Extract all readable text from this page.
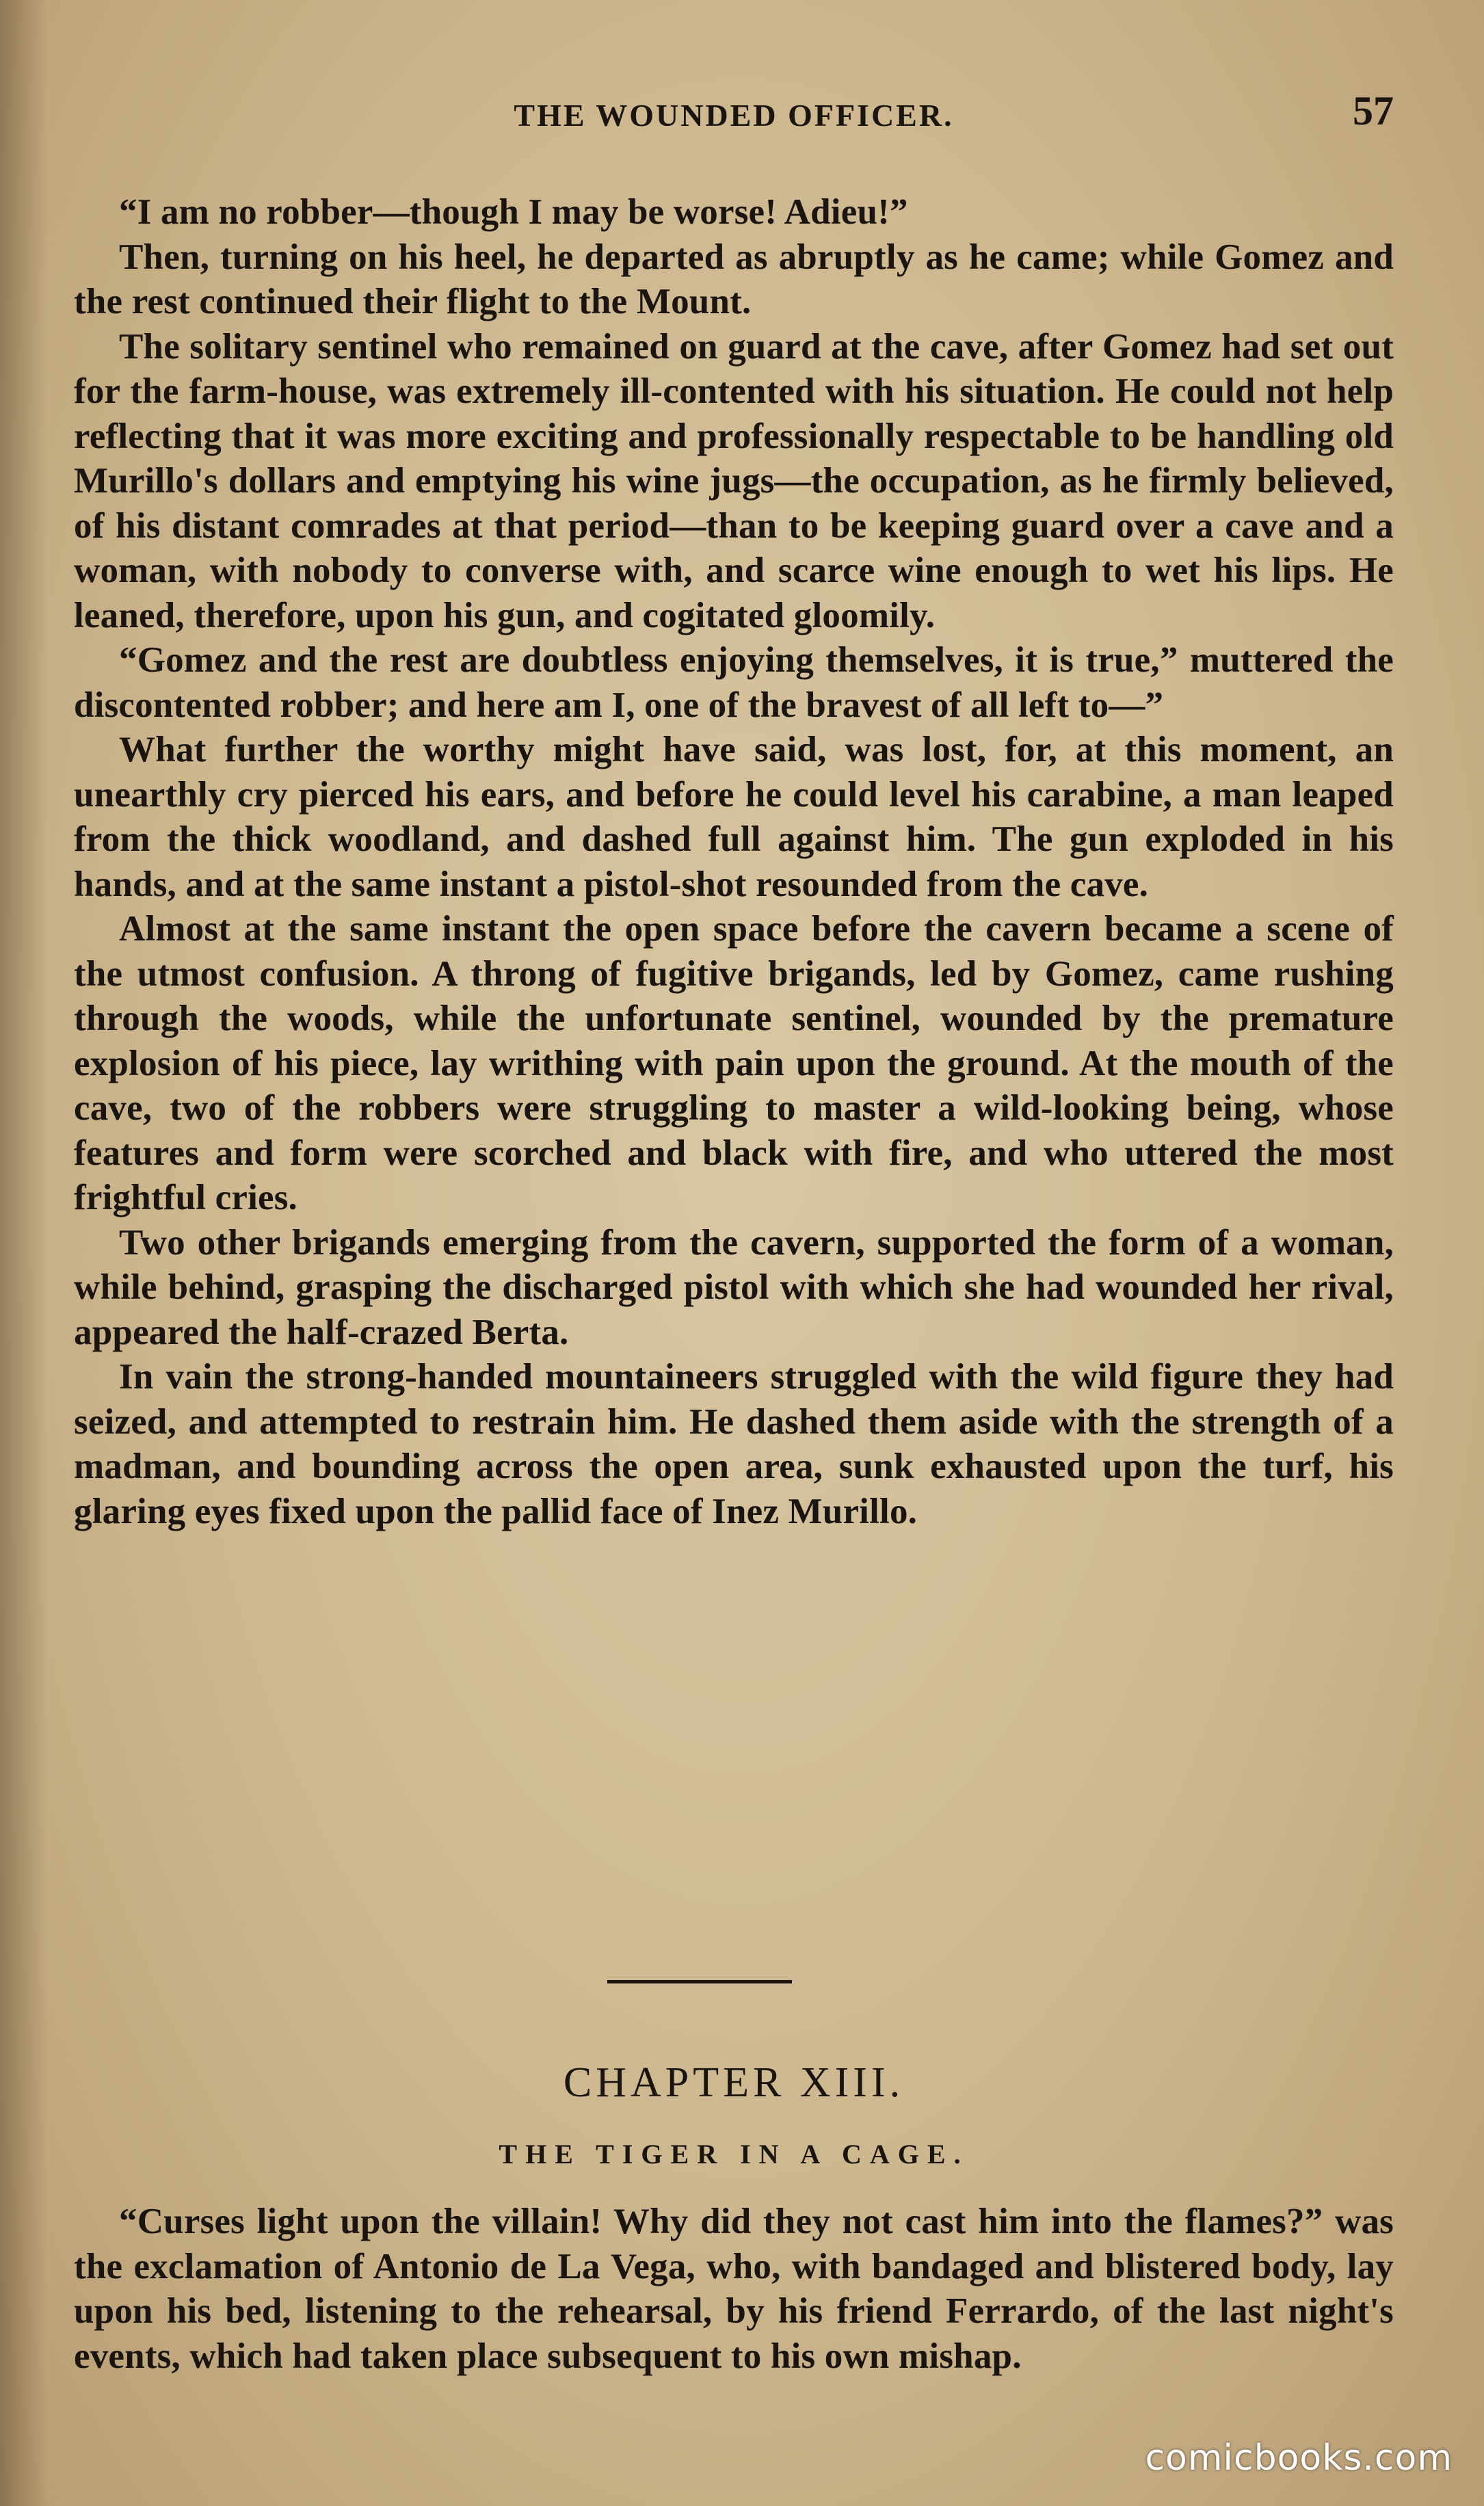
THE WOUNDED OFFICER.	57

“I am no robber—though I may be worse! Adieu!”

Then, turning on his heel, he departed as abruptly as he came; while Gomez and the rest continued their flight to the Mount.

The solitary sentinel who remained on guard at the cave, after Gomez had set out for the farm-house, was extremely ill-contented with his situation. He could not help reflecting that it was more exciting and professionally respectable to be handling old Murillo's dollars and emptying his wine jugs—the occupation, as he firmly believed, of his distant comrades at that period—than to be keeping guard over a cave and a woman, with nobody to converse with, and scarce wine enough to wet his lips. He leaned, therefore, upon his gun, and cogitated gloomily.

“Gomez and the rest are doubtless enjoying themselves, it is true,” muttered the discontented robber; and here am I, one of the bravest of all left to—”

What further the worthy might have said, was lost, for, at this moment, an unearthly cry pierced his ears, and before he could level his carabine, a man leaped from the thick woodland, and dashed full against him. The gun exploded in his hands, and at the same instant a pistol-shot resounded from the cave.

Almost at the same instant the open space before the cavern became a scene of the utmost confusion. A throng of fugitive brigands, led by Gomez, came rushing through the woods, while the unfortunate sentinel, wounded by the premature explosion of his piece, lay writhing with pain upon the ground. At the mouth of the cave, two of the robbers were struggling to master a wild-looking being, whose features and form were scorched and black with fire, and who uttered the most frightful cries.

Two other brigands emerging from the cavern, supported the form of a woman, while behind, grasping the discharged pistol with which she had wounded her rival, appeared the half-crazed Berta.

In vain the strong-handed mountaineers struggled with the wild figure they had seized, and attempted to restrain him. He dashed them aside with the strength of a madman, and bounding across the open area, sunk exhausted upon the turf, his glaring eyes fixed upon the pallid face of Inez Murillo.

CHAPTER XIII.
THE TIGER IN A CAGE.

“Curses light upon the villain! Why did they not cast him into the flames?” was the exclamation of Antonio de La Vega, who, with bandaged and blistered body, lay upon his bed, listening to the rehearsal, by his friend Ferrardo, of the last night's events, which had taken place subsequent to his own mishap.

comicbooks.com
